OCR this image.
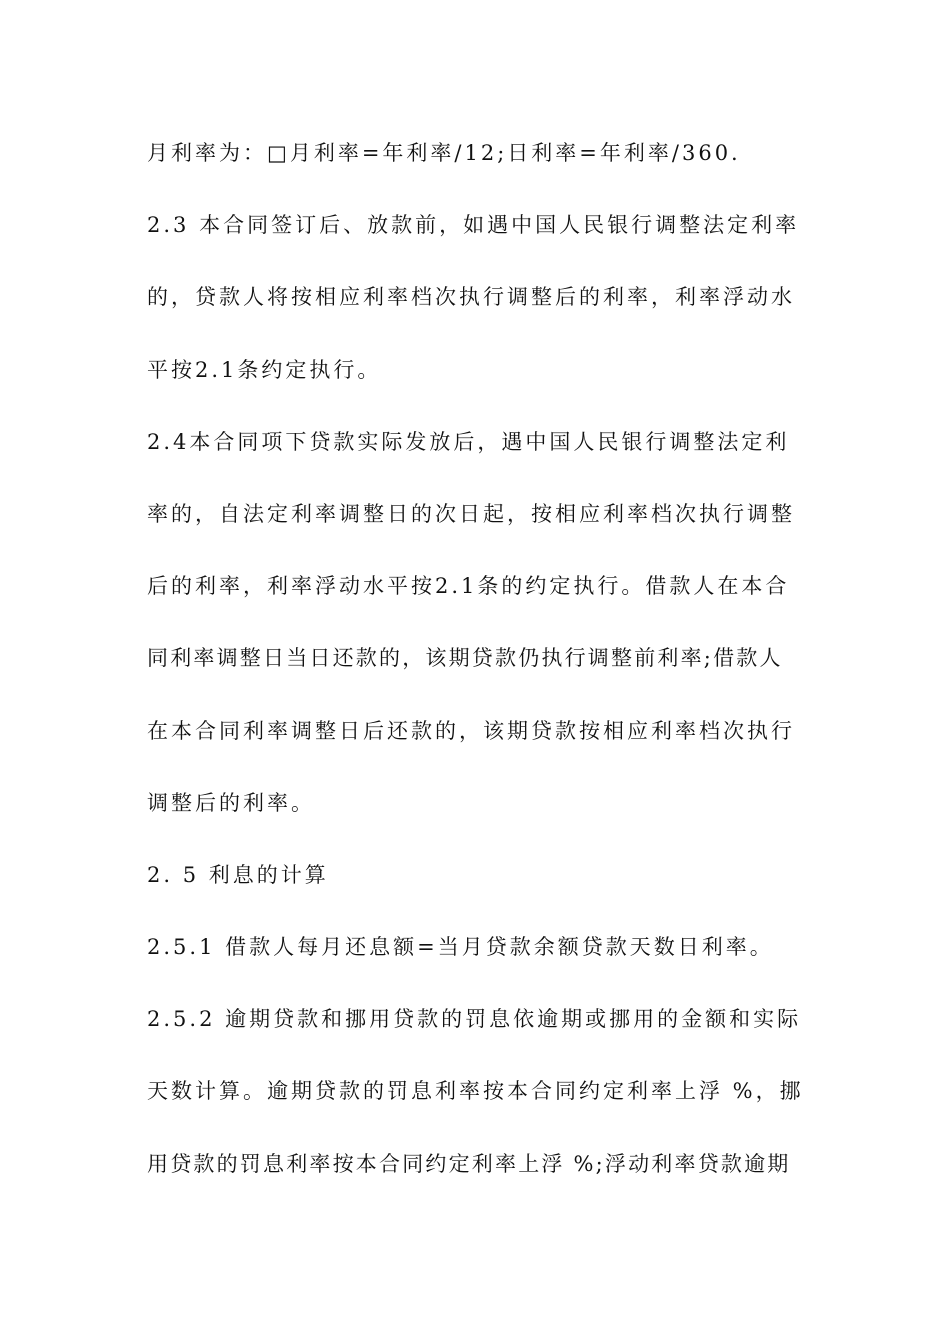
月利率为：□月利率=年利率/12;日利率=年利率/360.
2.3 本合同签订后、放款前，如遇中国人民银行调整法定利率
的，贷款人将按相应利率档次执行调整后的利率，利率浮动水
平按2.1条约定执行。
2.4本合同项下贷款实际发放后，遇中国人民银行调整法定利
率的，自法定利率调整日的次日起，按相应利率档次执行调整
后的利率，利率浮动水平按2.1条的约定执行。借款人在本合
同利率调整日当日还款的，该期贷款仍执行调整前利率;借款人
在本合同利率调整日后还款的，该期贷款按相应利率档次执行
调整后的利率。
2. 5 利息的计算
2.5.1 借款人每月还息额=当月贷款余额贷款天数日利率。
2.5.2 逾期贷款和挪用贷款的罚息依逾期或挪用的金额和实际
天数计算。逾期贷款的罚息利率按本合同约定利率上浮 %，挪
用贷款的罚息利率按本合同约定利率上浮 %;浮动利率贷款逾期
